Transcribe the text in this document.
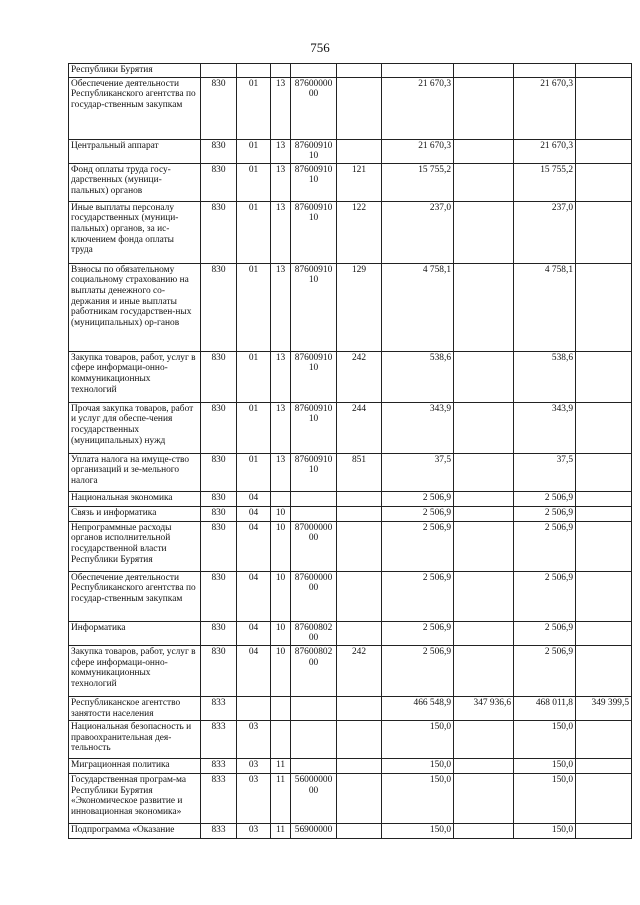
756
Республики Бурятия									
Обеспечение деятельности Республиканского агентства по государ-ственным закупкам	830	01	13	87600000 00		21 670,3		21 670,3	
Центральный аппарат	830	01	13	87600910 10		21 670,3		21 670,3	
Фонд оплаты труда госу-дарственных (муници-пальных) органов	830	01	13	87600910 10	121	15 755,2		15 755,2	
Иные выплаты персоналу государственных (муници-пальных) органов, за ис-ключением фонда оплаты труда	830	01	13	87600910 10	122	237,0		237,0	
Взносы по обязательному социальному страхованию на выплаты денежного со-держания и иные выплаты работникам государствен-ных (муниципальных) ор-ганов	830	01	13	87600910 10	129	4 758,1		4 758,1	
Закупка товаров, работ, услуг в сфере информаци-онно-коммуникационных технологий	830	01	13	87600910 10	242	538,6		538,6	
Прочая закупка товаров, работ и услуг для обеспе-чения государственных (муниципальных) нужд	830	01	13	87600910 10	244	343,9		343,9	
Уплата налога на имуще-ство организаций и зе-мельного налога	830	01	13	87600910 10	851	37,5		37,5	
Национальная экономика	830	04				2 506,9		2 506,9	
Связь и информатика	830	04	10			2 506,9		2 506,9	
Непрограммные расходы органов исполнительной государственной власти Республики Бурятия	830	04	10	87000000 00		2 506,9		2 506,9	
Обеспечение деятельности Республиканского агентства по государ-ственным закупкам	830	04	10	87600000 00		2 506,9		2 506,9	
Информатика	830	04	10	87600802 00		2 506,9		2 506,9	
Закупка товаров, работ, услуг в сфере информаци-онно-коммуникационных технологий	830	04	10	87600802 00	242	2 506,9		2 506,9	
Республиканское агентство занятости населения	833					466 548,9	347 936,6	468 011,8	349 399,5
Национальная безопасность и правоохранительная дея-тельность	833	03				150,0		150,0	
Миграционная политика	833	03	11			150,0		150,0	
Государственная програм-ма Республики Бурятия «Экономическое развитие и инновационная экономика»	833	03	11	56000000 00		150,0		150,0	
Подпрограмма «Оказание	833	03	11	56900000		150,0		150,0	
